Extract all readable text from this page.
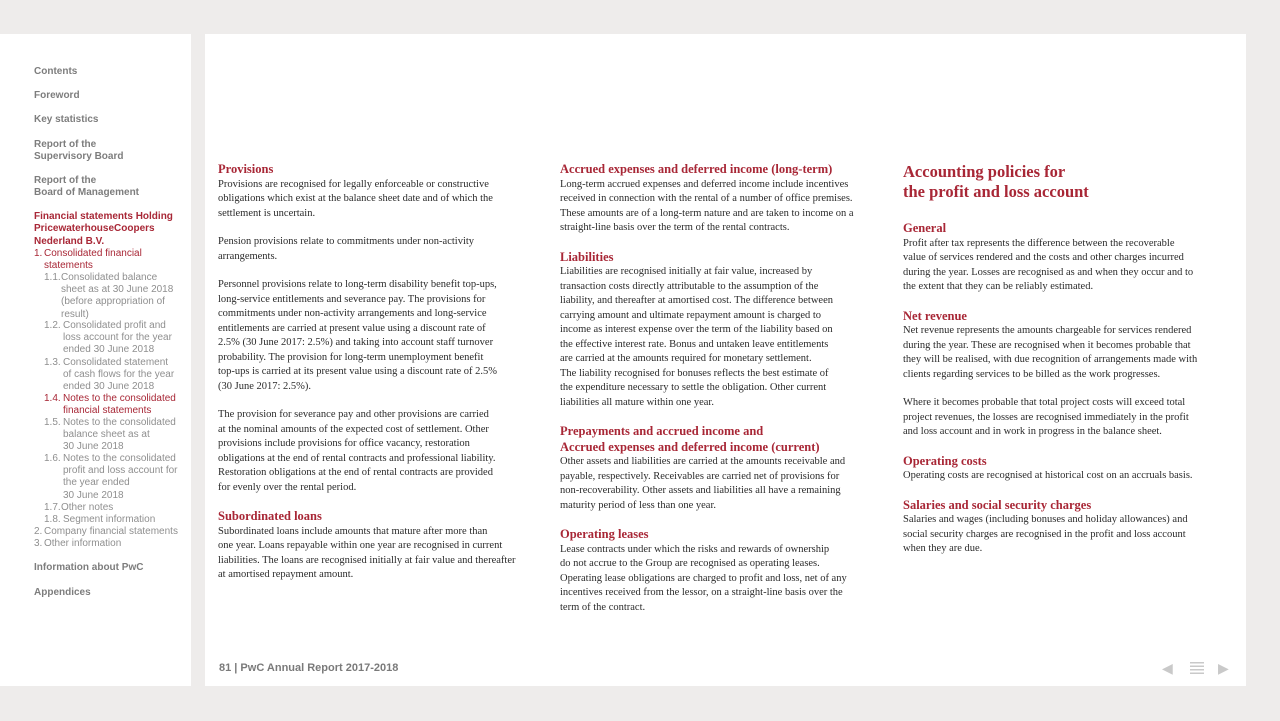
Contents
Foreword
Key statistics
Report of the
Supervisory Board
Report of the
Board of Management
Financial statements Holding
PricewaterhouseCoopers
Nederland B.V.

1. Consolidated financial
statements

1.1. Consolidated balance
sheet as at 30 June 2018
(before appropriation of
result)

1.2. Consolidated profit and
loss account for the year
ended 30 June 2018

1.3. Consolidated statement
of cash flows for the year
ended 30 June 2018

1.4. Notes to the consolidated
financial statements

1.5. Notes to the consolidated
balance sheet as at
30 June 2018

1.6. Notes to the consolidated
profit and loss account for
the year ended
30 June 2018

1.7. Other notes

1.8. Segment information

2. Company financial statements

3. Other information

Information about PwC
Appendices
Provisions

Provisions are recognised for legally enforceable or constructive
obligations which exist at the balance sheet date and of which the
settlement is uncertain.

Pension provisions relate to commitments under non-activity
arrangements.

Personnel provisions relate to long-term disability benefit top-ups,
long-service entitlements and severance pay. The provisions for
commitments under non-activity arrangements and long-service
entitlements are carried at present value using a discount rate of
2.5% (30 June 2017: 2.5%) and taking into account staff turnover
probability. The provision for long-term unemployment benefit
top-ups is carried at its present value using a discount rate of 2.5%
(30 June 2017: 2.5%).

The provision for severance pay and other provisions are carried
at the nominal amounts of the expected cost of settlement. Other
provisions include provisions for office vacancy, restoration
obligations at the end of rental contracts and professional liability.
Restoration obligations at the end of rental contracts are provided
for evenly over the rental period.

Subordinated loans

Subordinated loans include amounts that mature after more than
one year. Loans repayable within one year are recognised in current
liabilities. The loans are recognised initially at fair value and thereafter
at amortised repayment amount.

Accrued expenses and deferred income (long-term)

Long-term accrued expenses and deferred income include incentives
received in connection with the rental of a number of office premises.
These amounts are of a long-term nature and are taken to income on a
straight-line basis over the term of the rental contracts.

Liabilities

Liabilities are recognised initially at fair value, increased by
transaction costs directly attributable to the assumption of the
liability, and thereafter at amortised cost. The difference between
carrying amount and ultimate repayment amount is charged to
income as interest expense over the term of the liability based on
the effective interest rate. Bonus and untaken leave entitlements
are carried at the amounts required for monetary settlement.
The liability recognised for bonuses reflects the best estimate of
the expenditure necessary to settle the obligation. Other current
liabilities all mature within one year.

Prepayments and accrued income and
Accrued expenses and deferred income (current)

Other assets and liabilities are carried at the amounts receivable and
payable, respectively. Receivables are carried net of provisions for
non-recoverability. Other assets and liabilities all have a remaining
maturity period of less than one year.

Operating leases

Lease contracts under which the risks and rewards of ownership
do not accrue to the Group are recognised as operating leases.
Operating lease obligations are charged to profit and loss, net of any
incentives received from the lessor, on a straight-line basis over the
term of the contract.

Accounting policies for
the profit and loss account
General

Profit after tax represents the difference between the recoverable
value of services rendered and the costs and other charges incurred
during the year. Losses are recognised as and when they occur and to
the extent that they can be reliably estimated.

Net revenue

Net revenue represents the amounts chargeable for services rendered
during the year. These are recognised when it becomes probable that
they will be realised, with due recognition of arrangements made with
clients regarding services to be billed as the work progresses.

Where it becomes probable that total project costs will exceed total
project revenues, the losses are recognised immediately in the profit
and loss account and in work in progress in the balance sheet.

Operating costs

Operating costs are recognised at historical cost on an accruals basis.

Salaries and social security charges

Salaries and wages (including bonuses and holiday allowances) and
social security charges are recognised in the profit and loss account
when they are due.

81 | PwC Annual Report 2017-2018	◀	▶
